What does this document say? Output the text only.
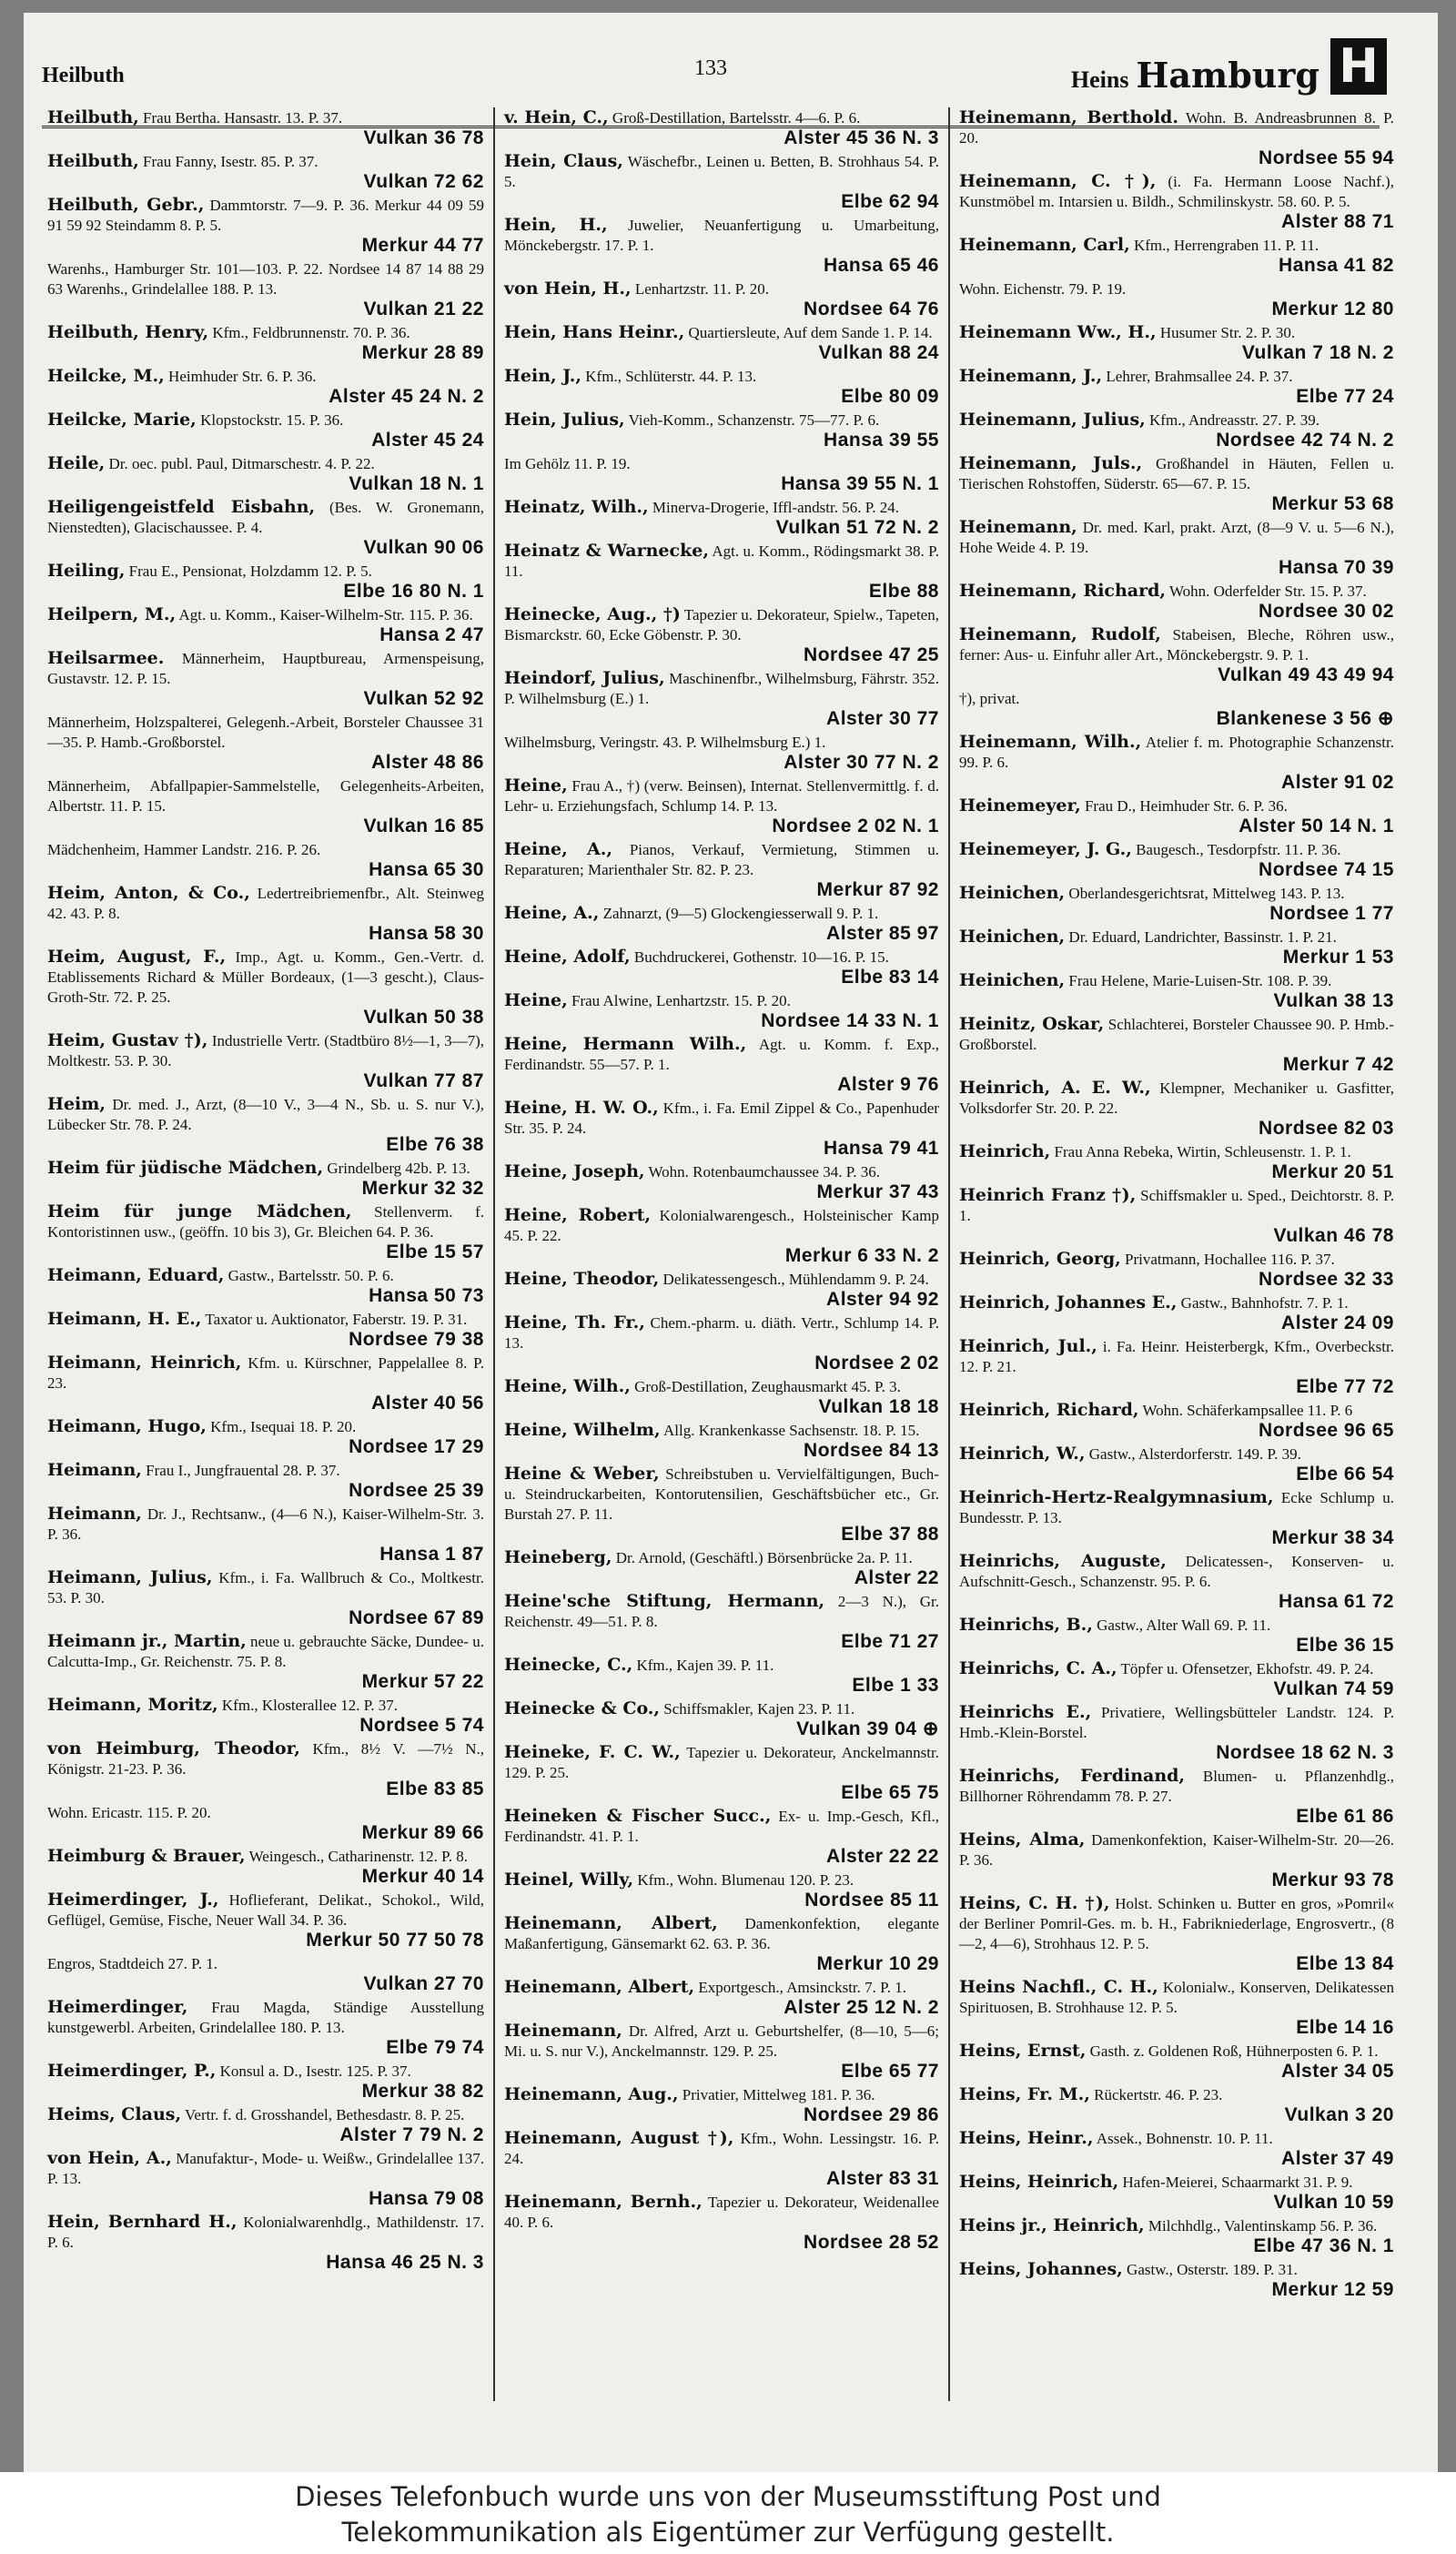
Heilbuth	133	Heins Hamburg H
Heilbuth, Frau Bertha. Hansastr. 13. P. 37.
Vulkan 36 78
Heilbuth, Frau Fanny, Isestr. 85. P. 37.
Vulkan 72 62
Heilbuth, Gebr., Dammtorstr. 7—9. P. 36. Merkur 44 09 59 91 59 92 Steindamm 8. P. 5.
Merkur 44 77
Warenhs., Hamburger Str. 101—103. P. 22. Nordsee 14 87 14 88 29 63 Warenhs., Grindelallee 188. P. 13.
Vulkan 21 22
Heilbuth, Henry, Kfm., Feldbrunnenstr. 70. P. 36.
Merkur 28 89
Heilcke, M., Heimhuder Str. 6. P. 36.
Alster 45 24 N. 2
Heilcke, Marie, Klopstockstr. 15. P. 36.
Alster 45 24
Heile, Dr. oec. publ. Paul, Ditmarschestr. 4. P. 22.
Vulkan 18 N. 1
Heiligengeistfeld Eisbahn, (Bes. W. Gronemann, Nienstedten), Glacischaussee. P. 4.
Vulkan 90 06
Heiling, Frau E., Pensionat, Holzdamm 12. P. 5.
Elbe 16 80 N. 1
Heilpern, M., Agt. u. Komm., Kaiser-Wilhelm-Str. 115. P. 36.
Hansa 2 47
Heilsarmee. Männerheim, Hauptbureau, Armenspeisung, Gustavstr. 12. P. 15.
Vulkan 52 92
Männerheim, Holzspalterei, Gelegenh.-Arbeit, Borsteler Chaussee 31—35. P. Hamb.-Großborstel.
Alster 48 86
Männerheim, Abfallpapier-Sammelstelle, Gelegenheits-Arbeiten, Albertstr. 11. P. 15.
Vulkan 16 85
Mädchenheim, Hammer Landstr. 216. P. 26.
Hansa 65 30
Heim, Anton, & Co., Ledertreibriemenfbr., Alt. Steinweg 42. 43. P. 8.
Hansa 58 30
Heim, August, F., Imp., Agt. u. Komm., Gen.-Vertr. d. Etablissements Richard & Müller Bordeaux, (1—3 gescht.), Claus-Groth-Str. 72. P. 25.
Vulkan 50 38
Heim, Gustav †), Industrielle Vertr. (Stadtbüro 8½—1, 3—7), Moltkestr. 53. P. 30.
Vulkan 77 87
Heim, Dr. med. J., Arzt, (8—10 V., 3—4 N., Sb. u. S. nur V.), Lübecker Str. 78. P. 24.
Elbe 76 38
Heim für jüdische Mädchen, Grindelberg 42b. P. 13.
Merkur 32 32
Heim für junge Mädchen, Stellenverm. f. Kontoristinnen usw., (geöffn. 10 bis 3), Gr. Bleichen 64. P. 36.
Elbe 15 57
Heimann, Eduard, Gastw., Bartelsstr. 50. P. 6.
Hansa 50 73
Heimann, H. E., Taxator u. Auktionator, Faberstr. 19. P. 31.
Nordsee 79 38
Heimann, Heinrich, Kfm. u. Kürschner, Pappelallee 8. P. 23.
Alster 40 56
Heimann, Hugo, Kfm., Isequai 18. P. 20.
Nordsee 17 29
Heimann, Frau I., Jungfrauental 28. P. 37.
Nordsee 25 39
Heimann, Dr. J., Rechtsanw., (4—6 N.), Kaiser-Wilhelm-Str. 3. P. 36.
Hansa 1 87
Heimann, Julius, Kfm., i. Fa. Wallbruch & Co., Moltkestr. 53. P. 30.
Nordsee 67 89
Heimann jr., Martin, neue u. gebrauchte Säcke, Dundee- u. Calcutta-Imp., Gr. Reichenstr. 75. P. 8.
Merkur 57 22
Heimann, Moritz, Kfm., Klosterallee 12. P. 37.
Nordsee 5 74
von Heimburg, Theodor, Kfm., 8½ V. —7½ N., Königstr. 21-23. P. 36.
Elbe 83 85
Wohn. Ericastr. 115. P. 20.
Merkur 89 66
Heimburg & Brauer, Weingesch., Catharinenstr. 12. P. 8.
Merkur 40 14
Heimerdinger, J., Hoflieferant, Delikat., Schokol., Wild, Geflügel, Gemüse, Fische, Neuer Wall 34. P. 36.
Merkur 50 77 50 78
Engros, Stadtdeich 27. P. 1.
Vulkan 27 70
Heimerdinger, Frau Magda, Ständige Ausstellung kunstgewerbl. Arbeiten, Grindelallee 180. P. 13.
Elbe 79 74
Heimerdinger, P., Konsul a. D., Isestr. 125. P. 37.
Merkur 38 82
Heims, Claus, Vertr. f. d. Grosshandel, Bethesdastr. 8. P. 25.
Alster 7 79 N. 2
von Hein, A., Manufaktur-, Mode- u. Weißw., Grindelallee 137. P. 13.
Hansa 79 08
Hein, Bernhard H., Kolonialwarenhdlg., Mathildenstr. 17. P. 6.
Hansa 46 25 N. 3
v. Hein, C., Groß-Destillation, Bartelsstr. 4—6. P. 6.
Alster 45 36 N. 3
Hein, Claus, Wäschefbr., Leinen u. Betten, B. Strohhaus 54. P. 5.
Elbe 62 94
Hein, H., Juwelier, Neuanfertigung u. Umarbeitung, Mönckebergstr. 17. P. 1.
Hansa 65 46
von Hein, H., Lenhartzstr. 11. P. 20.
Nordsee 64 76
Hein, Hans Heinr., Quartiersleute, Auf dem Sande 1. P. 14.
Vulkan 88 24
Hein, J., Kfm., Schlüterstr. 44. P. 13.
Elbe 80 09
Hein, Julius, Vieh-Komm., Schanzenstr. 75—77. P. 6.
Hansa 39 55
Im Gehölz 11. P. 19.
Hansa 39 55 N. 1
Heinatz, Wilh., Minerva-Drogerie, Iffl-andstr. 56. P. 24.
Vulkan 51 72 N. 2
Heinatz & Warnecke, Agt. u. Komm., Rödingsmarkt 38. P. 11.
Elbe 88
Heinecke, Aug., †) Tapezier u. Dekorateur, Spielw., Tapeten, Bismarckstr. 60, Ecke Göbenstr. P. 30.
Nordsee 47 25
Heindorf, Julius, Maschinenfbr., Wilhelmsburg, Fährstr. 352. P. Wilhelmsburg (E.) 1.
Alster 30 77
Wilhelmsburg, Veringstr. 43. P. Wilhelmsburg E.) 1.
Alster 30 77 N. 2
Heine, Frau A., †) (verw. Beinsen), Internat. Stellenvermittlg. f. d. Lehr- u. Erziehungsfach, Schlump 14. P. 13.
Nordsee 2 02 N. 1
Heine, A., Pianos, Verkauf, Vermietung, Stimmen u. Reparaturen; Marienthaler Str. 82. P. 23.
Merkur 87 92
Heine, A., Zahnarzt, (9—5) Glockengiesserwall 9. P. 1.
Alster 85 97
Heine, Adolf, Buchdruckerei, Gothenstr. 10—16. P. 15.
Elbe 83 14
Heine, Frau Alwine, Lenhartzstr. 15. P. 20.
Nordsee 14 33 N. 1
Heine, Hermann Wilh., Agt. u. Komm. f. Exp., Ferdinandstr. 55—57. P. 1.
Alster 9 76
Heine, H. W. O., Kfm., i. Fa. Emil Zippel & Co., Papenhuder Str. 35. P. 24.
Hansa 79 41
Heine, Joseph, Wohn. Rotenbaumchaussee 34. P. 36.
Merkur 37 43
Heine, Robert, Kolonialwarengesch., Holsteinischer Kamp 45. P. 22.
Merkur 6 33 N. 2
Heine, Theodor, Delikatessengesch., Mühlendamm 9. P. 24.
Alster 94 92
Heine, Th. Fr., Chem.-pharm. u. diäth. Vertr., Schlump 14. P. 13.
Nordsee 2 02
Heine, Wilh., Groß-Destillation, Zeughausmarkt 45. P. 3.
Vulkan 18 18
Heine, Wilhelm, Allg. Krankenkasse Sachsenstr. 18. P. 15.
Nordsee 84 13
Heine & Weber, Schreibstuben u. Vervielfältigungen, Buch- u. Steindruckarbeiten, Kontorutensilien, Geschäftsbücher etc., Gr. Burstah 27. P. 11.
Elbe 37 88
Heineberg, Dr. Arnold, (Geschäftl.) Börsenbrücke 2a. P. 11.
Alster 22
Heine'sche Stiftung, Hermann, 2—3 N.), Gr. Reichenstr. 49—51. P. 8.
Elbe 71 27
Heinecke, C., Kfm., Kajen 39. P. 11.
Elbe 1 33
Heinecke & Co., Schiffsmakler, Kajen 23. P. 11.
Vulkan 39 04 ⊕
Heineke, F. C. W., Tapezier u. Dekorateur, Anckelmannstr. 129. P. 25.
Elbe 65 75
Heineken & Fischer Succ., Ex- u. Imp.-Gesch, Kfl., Ferdinandstr. 41. P. 1.
Alster 22 22
Heinel, Willy, Kfm., Wohn. Blumenau 120. P. 23.
Nordsee 85 11
Heinemann, Albert, Damenkonfektion, elegante Maßanfertigung, Gänsemarkt 62. 63. P. 36.
Merkur 10 29
Heinemann, Albert, Exportgesch., Amsinckstr. 7. P. 1.
Alster 25 12 N. 2
Heinemann, Dr. Alfred, Arzt u. Geburtshelfer, (8—10, 5—6; Mi. u. S. nur V.), Anckelmannstr. 129. P. 25.
Elbe 65 77
Heinemann, Aug., Privatier, Mittelweg 181. P. 36.
Nordsee 29 86
Heinemann, August †), Kfm., Wohn. Lessingstr. 16. P. 24.
Alster 83 31
Heinemann, Bernh., Tapezier u. Dekorateur, Weidenallee 40. P. 6.
Nordsee 28 52
Heinemann, Berthold. Wohn. B. Andreasbrunnen 8. P. 20.
Nordsee 55 94
Heinemann, C. †), (i. Fa. Hermann Loose Nachf.), Kunstmöbel m. Intarsien u. Bildh., Schmilinskystr. 58. 60. P. 5.
Alster 88 71
Heinemann, Carl, Kfm., Herrengraben 11. P. 11.
Hansa 41 82
Wohn. Eichenstr. 79. P. 19.
Merkur 12 80
Heinemann Ww., H., Husumer Str. 2. P. 30.
Vulkan 7 18 N. 2
Heinemann, J., Lehrer, Brahmsallee 24. P. 37.
Elbe 77 24
Heinemann, Julius, Kfm., Andreasstr. 27. P. 39.
Nordsee 42 74 N. 2
Heinemann, Juls., Großhandel in Häuten, Fellen u. Tierischen Rohstoffen, Süderstr. 65—67. P. 15.
Merkur 53 68
Heinemann, Dr. med. Karl, prakt. Arzt, (8—9 V. u. 5—6 N.), Hohe Weide 4. P. 19.
Hansa 70 39
Heinemann, Richard, Wohn. Oderfelder Str. 15. P. 37.
Nordsee 30 02
Heinemann, Rudolf, Stabeisen, Bleche, Röhren usw., ferner: Aus- u. Einfuhr aller Art., Mönckebergstr. 9. P. 1.
Vulkan 49 43 49 94
†), privat.
Blankenese 3 56 ⊕
Heinemann, Wilh., Atelier f. m. Photographie Schanzenstr. 99. P. 6.
Alster 91 02
Heinemeyer, Frau D., Heimhuder Str. 6. P. 36.
Alster 50 14 N. 1
Heinemeyer, J. G., Baugesch., Tesdorpfstr. 11. P. 36.
Nordsee 74 15
Heinichen, Oberlandesgerichtsrat, Mittelweg 143. P. 13.
Nordsee 1 77
Heinichen, Dr. Eduard, Landrichter, Bassinstr. 1. P. 21.
Merkur 1 53
Heinichen, Frau Helene, Marie-Luisen-Str. 108. P. 39.
Vulkan 38 13
Heinitz, Oskar, Schlachterei, Borsteler Chaussee 90. P. Hmb.-Großborstel.
Merkur 7 42
Heinrich, A. E. W., Klempner, Mechaniker u. Gasfitter, Volksdorfer Str. 20. P. 22.
Nordsee 82 03
Heinrich, Frau Anna Rebeka, Wirtin, Schleusenstr. 1. P. 1.
Merkur 20 51
Heinrich Franz †), Schiffsmakler u. Sped., Deichtorstr. 8. P. 1.
Vulkan 46 78
Heinrich, Georg, Privatmann, Hochallee 116. P. 37.
Nordsee 32 33
Heinrich, Johannes E., Gastw., Bahnhofstr. 7. P. 1.
Alster 24 09
Heinrich, Jul., i. Fa. Heinr. Heisterbergk, Kfm., Overbeckstr. 12. P. 21.
Elbe 77 72
Heinrich, Richard, Wohn. Schäferkampsallee 11. P. 6
Nordsee 96 65
Heinrich, W., Gastw., Alsterdorferstr. 149. P. 39.
Elbe 66 54
Heinrich-Hertz-Realgymnasium, Ecke Schlump u. Bundesstr. P. 13.
Merkur 38 34
Heinrichs, Auguste, Delicatessen-, Konserven- u. Aufschnitt-Gesch., Schanzenstr. 95. P. 6.
Hansa 61 72
Heinrichs, B., Gastw., Alter Wall 69. P. 11.
Elbe 36 15
Heinrichs, C. A., Töpfer u. Ofensetzer, Ekhofstr. 49. P. 24.
Vulkan 74 59
Heinrichs E., Privatiere, Wellingsbütteler Landstr. 124. P. Hmb.-Klein-Borstel.
Nordsee 18 62 N. 3
Heinrichs, Ferdinand, Blumen- u. Pflanzenhdlg., Billhorner Röhrendamm 78. P. 27.
Elbe 61 86
Heins, Alma, Damenkonfektion, Kaiser-Wilhelm-Str. 20—26. P. 36.
Merkur 93 78
Heins, C. H. †), Holst. Schinken u. Butter en gros, »Pomril« der Berliner Pomril-Ges. m. b. H., Fabrikniederlage, Engrosvertr., (8—2, 4—6), Strohhaus 12. P. 5.
Elbe 13 84
Heins Nachfl., C. H., Kolonialw., Konserven, Delikatessen Spirituosen, B. Strohhause 12. P. 5.
Elbe 14 16
Heins, Ernst, Gasth. z. Goldenen Roß, Hühnerposten 6. P. 1.
Alster 34 05
Heins, Fr. M., Rückertstr. 46. P. 23.
Vulkan 3 20
Heins, Heinr., Assek., Bohnenstr. 10. P. 11.
Alster 37 49
Heins, Heinrich, Hafen-Meierei, Schaarmarkt 31. P. 9.
Vulkan 10 59
Heins jr., Heinrich, Milchhdlg., Valentinskamp 56. P. 36.
Elbe 47 36 N. 1
Heins, Johannes, Gastw., Osterstr. 189. P. 31.
Merkur 12 59
Dieses Telefonbuch wurde uns von der Museumsstiftung Post und
Telekommunikation als Eigentümer zur Verfügung gestellt.
